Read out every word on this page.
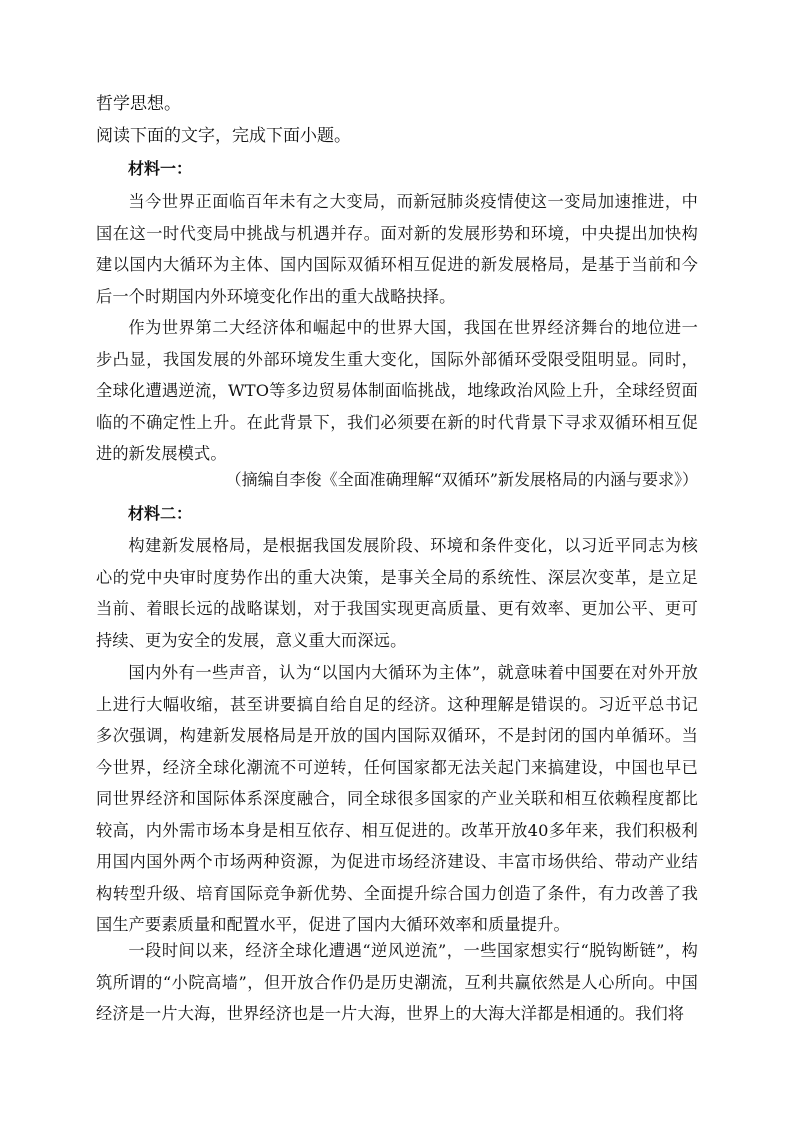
哲学思想。

阅读下面的文字，完成下面小题。

材料一：

当今世界正面临百年未有之大变局，而新冠肺炎疫情使这一变局加速推进，中国在这一时代变局中挑战与机遇并存。面对新的发展形势和环境，中央提出加快构建以国内大循环为主体、国内国际双循环相互促进的新发展格局，是基于当前和今后一个时期国内外环境变化作出的重大战略抉择。

作为世界第二大经济体和崛起中的世界大国，我国在世界经济舞台的地位进一步凸显，我国发展的外部环境发生重大变化，国际外部循环受限受阻明显。同时，全球化遭遇逆流，WTO等多边贸易体制面临挑战，地缘政治风险上升，全球经贸面临的不确定性上升。在此背景下，我们必须要在新的时代背景下寻求双循环相互促进的新发展模式。

（摘编自李俊《全面准确理解“双循环”新发展格局的内涵与要求》）

材料二：

构建新发展格局，是根据我国发展阶段、环境和条件变化，以习近平同志为核心的党中央审时度势作出的重大决策，是事关全局的系统性、深层次变革，是立足当前、着眼长远的战略谋划，对于我国实现更高质量、更有效率、更加公平、更可持续、更为安全的发展，意义重大而深远。

国内外有一些声音，认为“以国内大循环为主体”，就意味着中国要在对外开放上进行大幅收缩，甚至讲要搞自给自足的经济。这种理解是错误的。习近平总书记多次强调，构建新发展格局是开放的国内国际双循环，不是封闭的国内单循环。当今世界，经济全球化潮流不可逆转，任何国家都无法关起门来搞建设，中国也早已同世界经济和国际体系深度融合，同全球很多国家的产业关联和相互依赖程度都比较高，内外需市场本身是相互依存、相互促进的。改革开放40多年来，我们积极利用国内国外两个市场两种资源，为促进市场经济建设、丰富市场供给、带动产业结构转型升级、培育国际竞争新优势、全面提升综合国力创造了条件，有力改善了我国生产要素质量和配置水平，促进了国内大循环效率和质量提升。

一段时间以来，经济全球化遭遇“逆风逆流”，一些国家想实行“脱钩断链”，构筑所谓的“小院高墙”，但开放合作仍是历史潮流，互利共赢依然是人心所向。中国经济是一片大海，世界经济也是一片大海，世界上的大海大洋都是相通的。我们将
